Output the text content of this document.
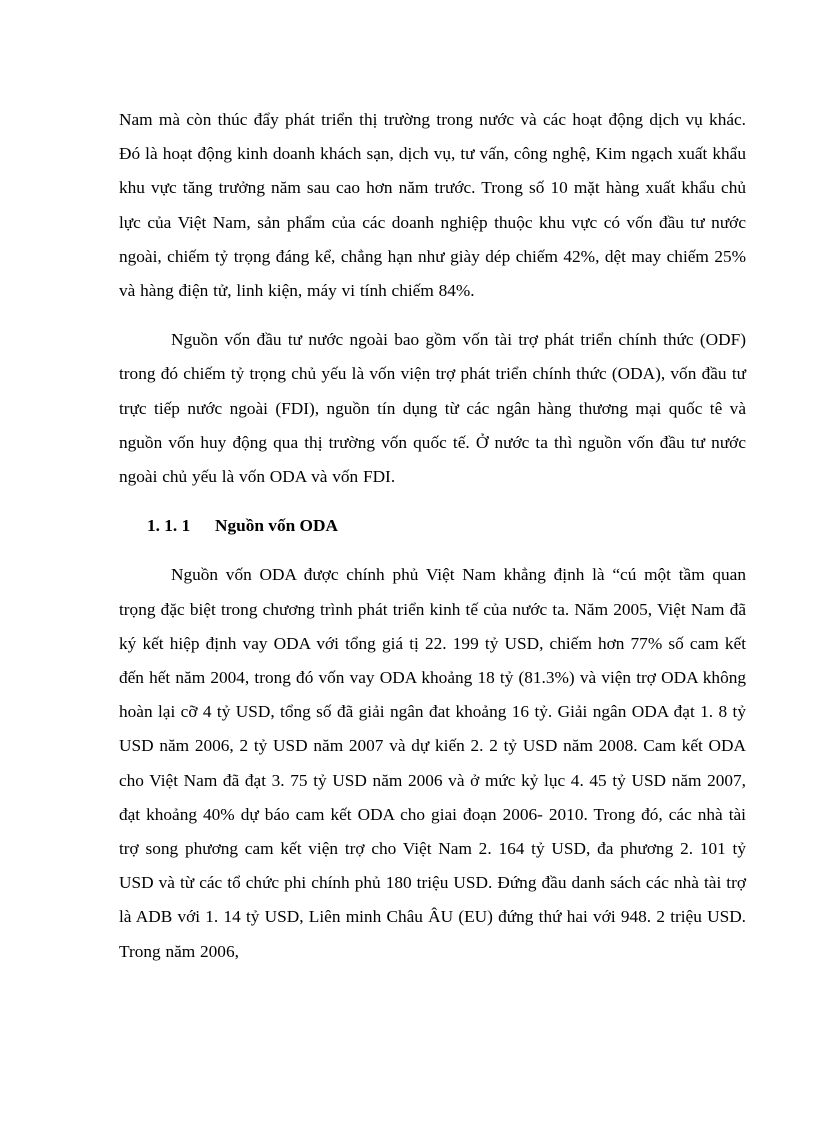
Nam mà còn thúc đẩy phát triển thị trường trong nước và các hoạt động dịch vụ khác. Đó là hoạt động kinh doanh khách sạn, dịch vụ, tư vấn, công nghệ, Kim ngạch xuất khẩu khu vực tăng trưởng năm sau cao hơn năm trước. Trong số 10 mặt hàng xuất khẩu chủ lực của Việt Nam, sản phẩm của các doanh nghiệp thuộc khu vực có vốn đầu tư nước ngoài, chiếm tỷ trọng đáng kể, chẳng hạn như giày dép chiếm 42%, dệt may chiếm 25% và hàng điện tử, linh kiện, máy vi tính chiếm 84%.

Nguồn vốn đầu tư nước ngoài bao gồm vốn tài trợ phát triển chính thức (ODF) trong đó chiếm tỷ trọng chủ yếu là vốn viện trợ phát triển chính thức (ODA), vốn đầu tư trực tiếp nước ngoài (FDI), nguồn tín dụng từ các ngân hàng thương mại quốc tê và nguồn vốn huy động qua thị trường vốn quốc tế. Ở nước ta thì nguồn vốn đầu tư nước ngoài chủ yếu là vốn ODA và vốn FDI.

1. 1. 1 Nguồn vốn ODA

Nguồn vốn ODA được chính phủ Việt Nam khẳng định là “cú một tầm quan trọng đặc biệt trong chương trình phát triển kinh tế của nước ta. Năm 2005, Việt Nam đã ký kết hiệp định vay ODA với tổng giá tị 22. 199 tỷ USD, chiếm hơn 77% số cam kết đến hết năm 2004, trong đó vốn vay ODA khoảng 18 tỷ (81.3%) và viện trợ ODA không hoàn lại cỡ 4 tỷ USD, tổng số đã giải ngân đat khoảng 16 tỷ. Giải ngân ODA đạt 1. 8 tỷ USD năm 2006, 2 tỷ USD năm 2007 và dự kiến 2. 2 tỷ USD năm 2008. Cam kết ODA cho Việt Nam đã đạt 3. 75 tỷ USD năm 2006 và ở mức kỷ lục 4. 45 tỷ USD năm 2007, đạt khoảng 40% dự báo cam kết ODA cho giai đoạn 2006- 2010. Trong đó, các nhà tài trợ song phương cam kết viện trợ cho Việt Nam 2. 164 tỷ USD, đa phương 2. 101 tỷ USD và từ các tổ chức phi chính phủ 180 triệu USD. Đứng đầu danh sách các nhà tài trợ là ADB với 1. 14 tỷ USD, Liên minh Châu ÂU (EU) đứng thứ hai với 948. 2 triệu USD. Trong năm 2006,
